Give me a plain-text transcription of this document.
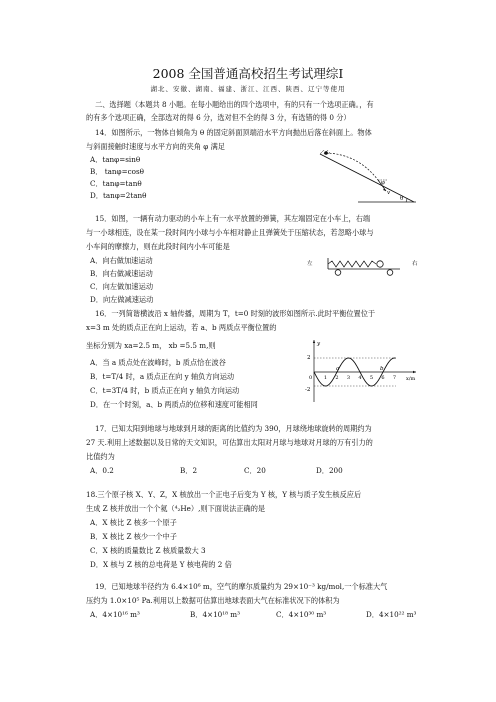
2008 全国普通高校招生考试理综Ⅰ
湖北、安徽、湖南、福建、浙江、江西、陕西、辽宁等使用
二、选择题（本题共 8 小题。在每小题给出的四个选项中，有的只有一个选项正确。，有
的有多个选项正确，全部选对的得 6 分，选对但不全的得 3 分，有选错的得 0 分）
14．如图所示，一物体自倾角为 θ 的固定斜面顶端沿水平方向抛出后落在斜面上。物体
与斜面接触时速度与水平方向的夹角 φ 满足
A．tanφ=sinθ
B． tanφ=cosθ
C．tanφ=tanθ
D．tanφ=2tanθ
φ
v
θ
15．如图，一辆有动力驱动的小车上有一水平放置的弹簧，其左端固定在小车上，右端
与一小球相连，设在某一段时间内小球与小车相对静止且弹簧处于压缩状态，若忽略小球与
小车间的摩擦力，则在此段时间内小车可能是
A．向右做加速运动
B．向右做减速运动
C．向左做加速运动
D．向左做减速运动
左	右
16．一列简谐横波沿 x 轴传播，周期为 T，t=0 时刻的波形如图所示.此时平衡位置位于
x=3 m 处的质点正在向上运动，若 a、b 两质点平衡位置的
坐标分别为 xa=2.5 m， xb =5.5 m,则
A．当 a 质点处在波峰时，b 质点恰在波谷
B．t=T/4 时，a 质点正在向 y 轴负方向运动
C．t=3T/4 时，b 质点正在向 y 轴负方向运动
D．在一个时刻，a、b 两质点的位移和速度可能相同
y
x/m
2
-2
0 1 2 3 4 5 6 7
a	b
17．已知太阳到地球与地球到月球的距离的比值约为 390，月球绕地球旋转的周期约为
27 天.利用上述数据以及日常的天文知识，可估算出太阳对月球与地球对月球的万有引力的
比值约为
A．0.2	B．2	C．20	D．200
18.三个原子核 X、Y、Z，X 核放出一个正电子后变为 Y 核，Y 核与质子发生核反应后
生成 Z 核并放出一个个氦（⁴₂He）,则下面说法正确的是
A．X 核比 Z 核多一个原子
B．X 核比 Z 核少一个中子
C．X 核的质量数比 Z 核质量数大 3
D．X 核与 Z 核的总电荷是 Y 核电荷的 2 倍
19．已知地球半径约为 6.4×10⁶ m，空气的摩尔质量约为 29×10⁻³ kg/mol,一个标准大气
压约为 1.0×10⁵ Pa.利用以上数据可估算出地球表面大气在标准状况下的体积为
A．4×10¹⁶ m³	B．4×10¹⁸ m³	C．4×10³⁰ m³	D．4×10²² m³
